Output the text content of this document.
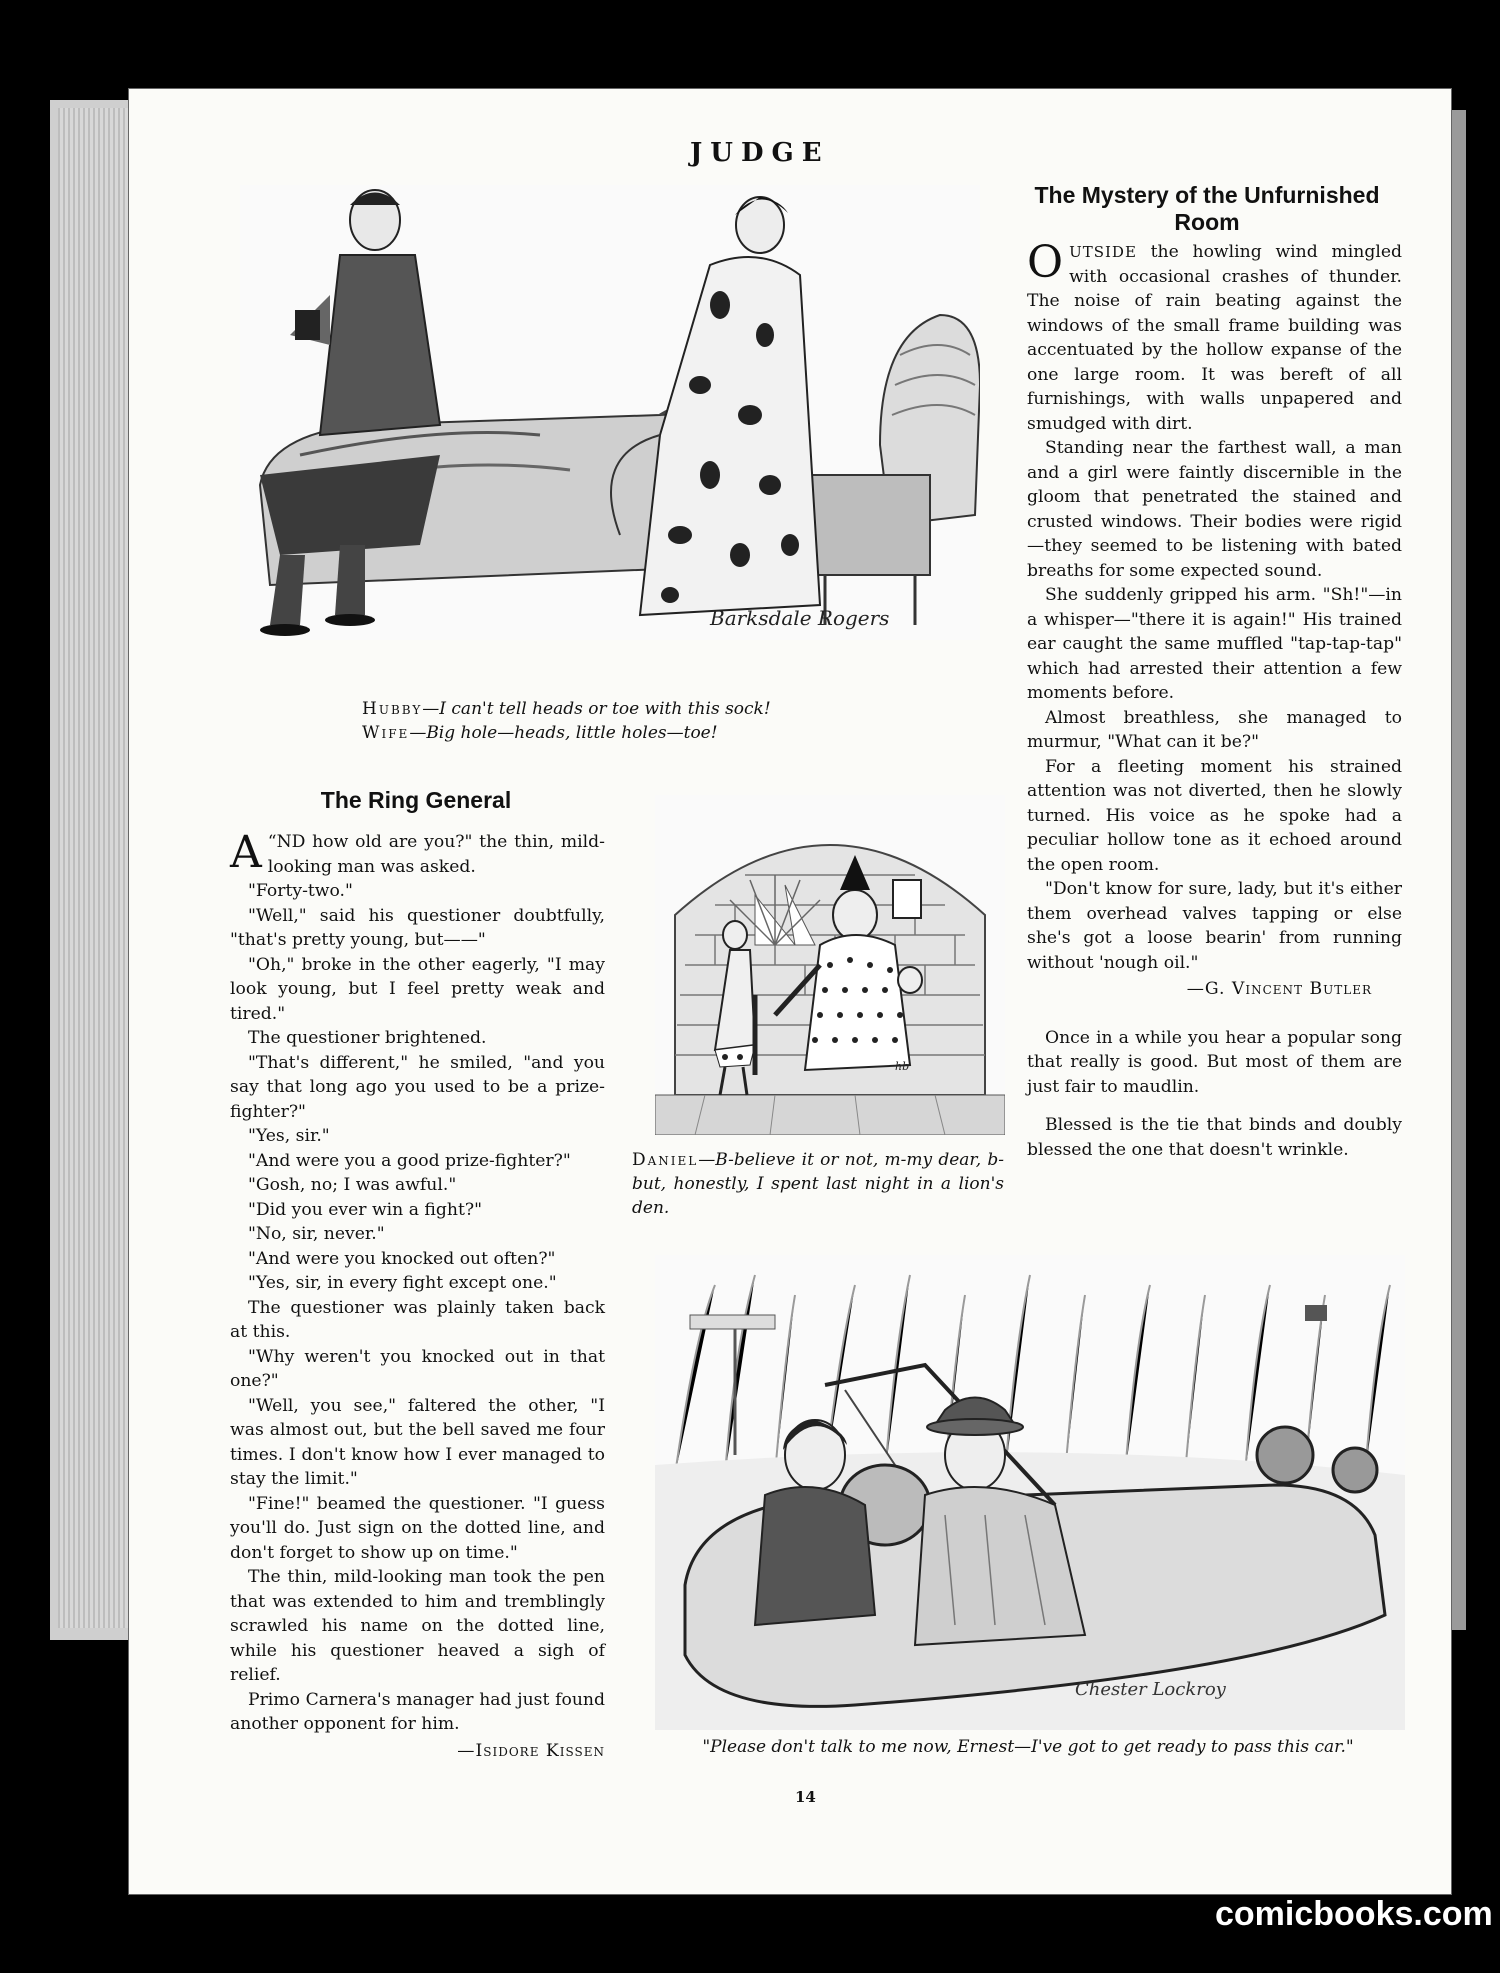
JUDGE
Barksdale Rogers
Hubby—I can't tell heads or toe with this sock!
Wife—Big hole—heads, little holes—toe!
The Ring General

“
A ND how old are you?" the thin, mild-looking man was asked.

"Forty-two."

"Well," said his questioner doubtfully, "that's pretty young, but——"

"Oh," broke in the other eagerly, "I may look young, but I feel pretty weak and tired."

The questioner brightened.

"That's different," he smiled, "and you say that long ago you used to be a prize-fighter?"

"Yes, sir."

"And were you a good prize-fighter?"

"Gosh, no; I was awful."

"Did you ever win a fight?"

"No, sir, never."

"And were you knocked out often?"

"Yes, sir, in every fight except one."

The questioner was plainly taken back at this.

"Why weren't you knocked out in that one?"

"Well, you see," faltered the other, "I was almost out, but the bell saved me four times. I don't know how I ever managed to stay the limit."

"Fine!" beamed the questioner. "I guess you'll do. Just sign on the dotted line, and don't forget to show up on time."

The thin, mild-looking man took the pen that was extended to him and tremblingly scrawled his name on the dotted line, while his questioner heaved a sigh of relief.

Primo Carnera's manager had just found another opponent for him.

—Isidore Kissen
hb
Daniel—B-believe it or not, m-my dear, b-but, honestly, I spent last night in a lion's den.
The Mystery of the Unfurnished Room

OUTSIDE the howling wind mingled with occasional crashes of thunder. The noise of rain beating against the windows of the small frame building was accentuated by the hollow expanse of the one large room. It was bereft of all furnishings, with walls unpapered and smudged with dirt.

Standing near the farthest wall, a man and a girl were faintly discernible in the gloom that penetrated the stained and crusted windows. Their bodies were rigid—they seemed to be listening with bated breaths for some expected sound.

She suddenly gripped his arm. "Sh!"—in a whisper—"there it is again!" His trained ear caught the same muffled "tap-tap-tap" which had arrested their attention a few moments before.

Almost breathless, she managed to murmur, "What can it be?"

For a fleeting moment his strained attention was not diverted, then he slowly turned. His voice as he spoke had a peculiar hollow tone as it echoed around the open room.

"Don't know for sure, lady, but it's either them overhead valves tapping or else she's got a loose bearin' from running without 'nough oil."

—G. Vincent Butler

Once in a while you hear a popular song that really is good. But most of them are just fair to maudlin.

Blessed is the tie that binds and doubly blessed the one that doesn't wrinkle.

Chester Lockroy
"Please don't talk to me now, Ernest—I've got to get ready to pass this car."
14
comicbooks.com
